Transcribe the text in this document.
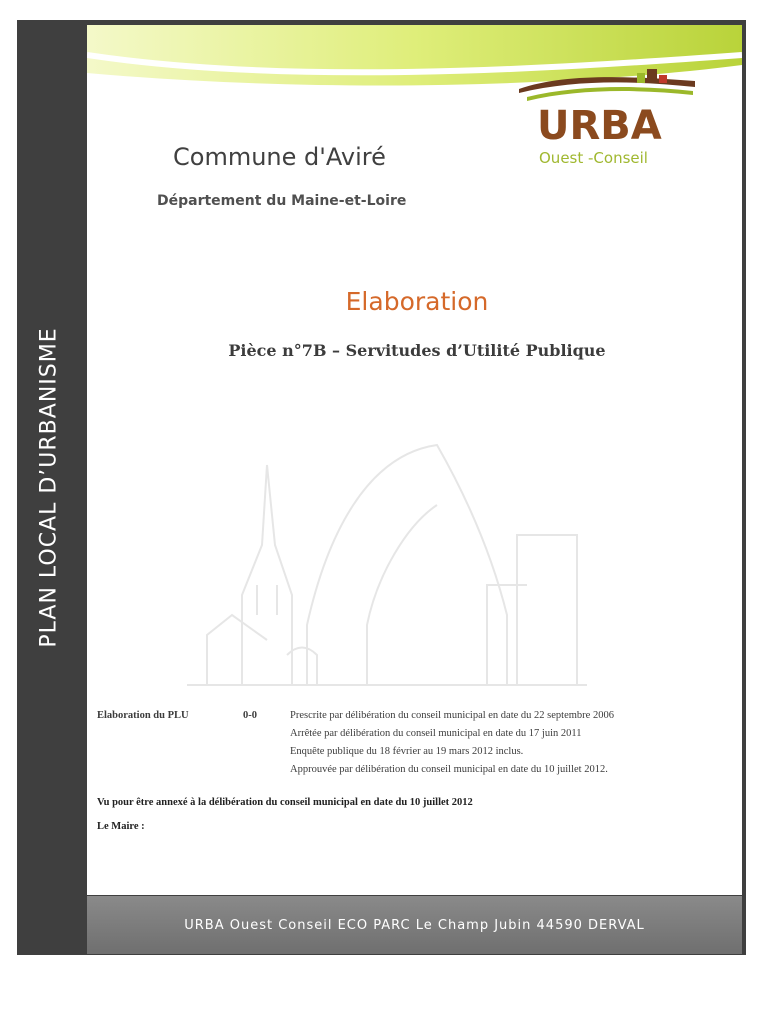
PLAN LOCAL D’URBANISME
URBA
Ouest -Conseil
Commune d'Aviré
Département du Maine-et-Loire
Elaboration
Pièce n°7B – Servitudes d’Utilité Publique
Elaboration du PLU	0-0	Prescrite par délibération du conseil municipal en date du 22 septembre 2006
Arrêtée par délibération du conseil municipal en date du 17 juin 2011
Enquête publique du 18 février au 19 mars 2012 inclus.
Approuvée par délibération du conseil municipal en date du 10 juillet 2012.
Vu pour être annexé à la délibération du conseil municipal en date du 10 juillet 2012
Le Maire :
URBA Ouest Conseil ECO PARC Le Champ Jubin 44590 DERVAL
